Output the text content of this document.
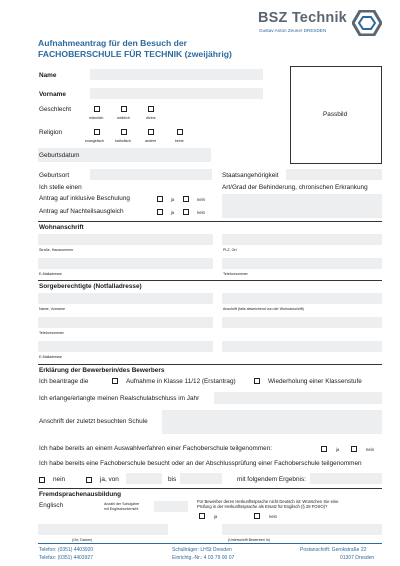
BSZ Technik
Gustav Anton Zeuner DRESDEN
Aufnahmeantrag für den Besuch der
FACHOBERSCHULE FÜR TECHNIK (zweijährig)
Name
Vorname
Passbild
Geschlecht
männlich	weiblich	divers
Religion
evangelisch	katholisch	andere	keine
Geburtsdatum
Geburtsort	Staatsangehörigkeit
Ich stelle einen	Art/Grad der Behinderung, chronischen Erkrankung
Antrag auf inklusive Beschulung	ja	nein
Antrag auf Nachteilsausgleich	ja	nein
Wohnanschrift
Straße, Hausnummer	PLZ, Ort
E-Mailadresse	Telefonnummer
Sorgeberechtigte (Notfalladresse)
Name, Vorname	Anschrift (falls abweichend von der Wohnanschrift)
Telefonnummer
E-Mailadresse
Erklärung der Bewerberin/des Bewerbers
Ich beantrage die	Aufnahme in Klasse 11/12 (Erstantrag)	Wiederholung einer Klassenstufe
Ich erlange/erlangte meinen Realschulabschluss im Jahr
Anschrift der zuletzt besuchten Schule
Ich habe bereits an einem Auswahlverfahren einer Fachoberschule teilgenommen:	ja	nein
Ich habe bereits eine Fachoberschule besucht oder an der Abschlussprüfung einer Fachoberschule teilgenommen
nein	ja, von	bis	mit folgendem Ergebnis:
Fremdsprachenausbildung
Englisch	Anzahl der Schuljahre
mit Englischunterricht
Für Bewerber deren Herkunftssprache nicht Deutsch ist: Wünschen Sie eine
Prüfung in der Herkunftssprache als Ersatz für Englisch (§ 28 FOSO)?
ja	nein
(Ort, Datum)	(Unterschrift Bewerber/ in)
Telefon: (0351) 4403920
Telefax: (0351) 4403927
Schulträger: LHSt Dresden
Einrichtg.-Nr.: 4 03 79 00 07
Postanschrift: Gerokstraße 22
01307 Dresden
